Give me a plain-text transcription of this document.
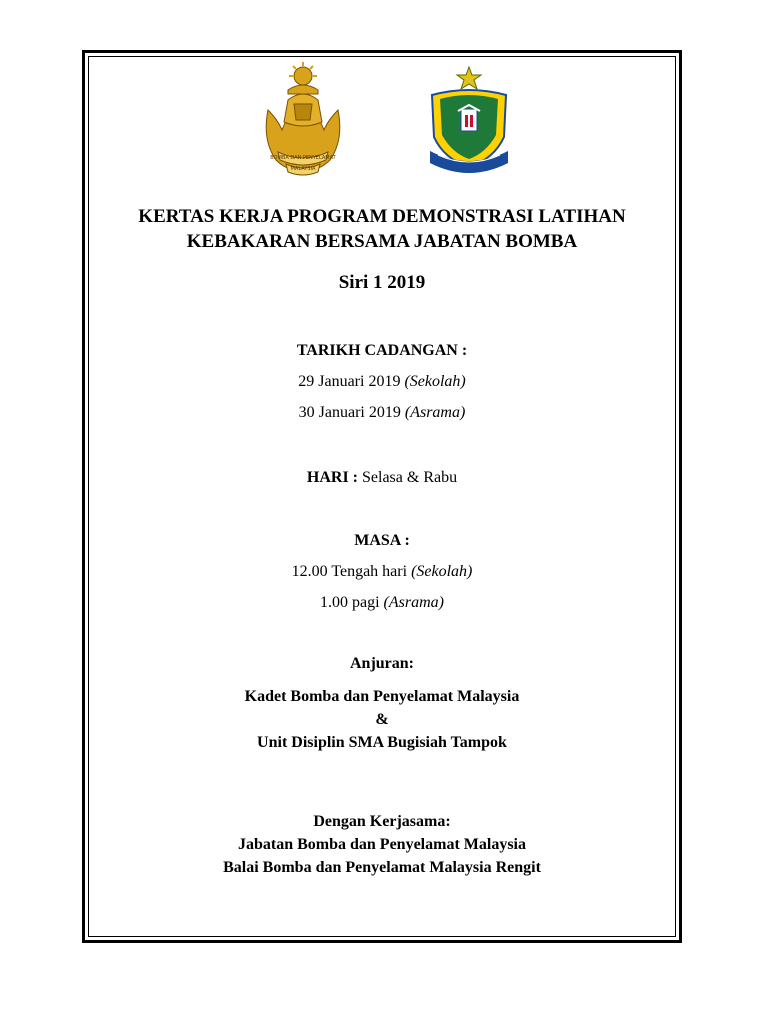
BOMBA DAN PENYELAMAT
MALAYSIA
KERTAS KERJA PROGRAM DEMONSTRASI LATIHAN
KEBAKARAN BERSAMA JABATAN BOMBA
Siri 1 2019
TARIKH CADANGAN :
29 Januari 2019 (Sekolah)
30 Januari 2019 (Asrama)
HARI : Selasa & Rabu
MASA :
12.00 Tengah hari (Sekolah)
1.00 pagi (Asrama)
Anjuran:
Kadet Bomba dan Penyelamat Malaysia
&
Unit Disiplin SMA Bugisiah Tampok
Dengan Kerjasama:
Jabatan Bomba dan Penyelamat Malaysia
Balai Bomba dan Penyelamat Malaysia Rengit
